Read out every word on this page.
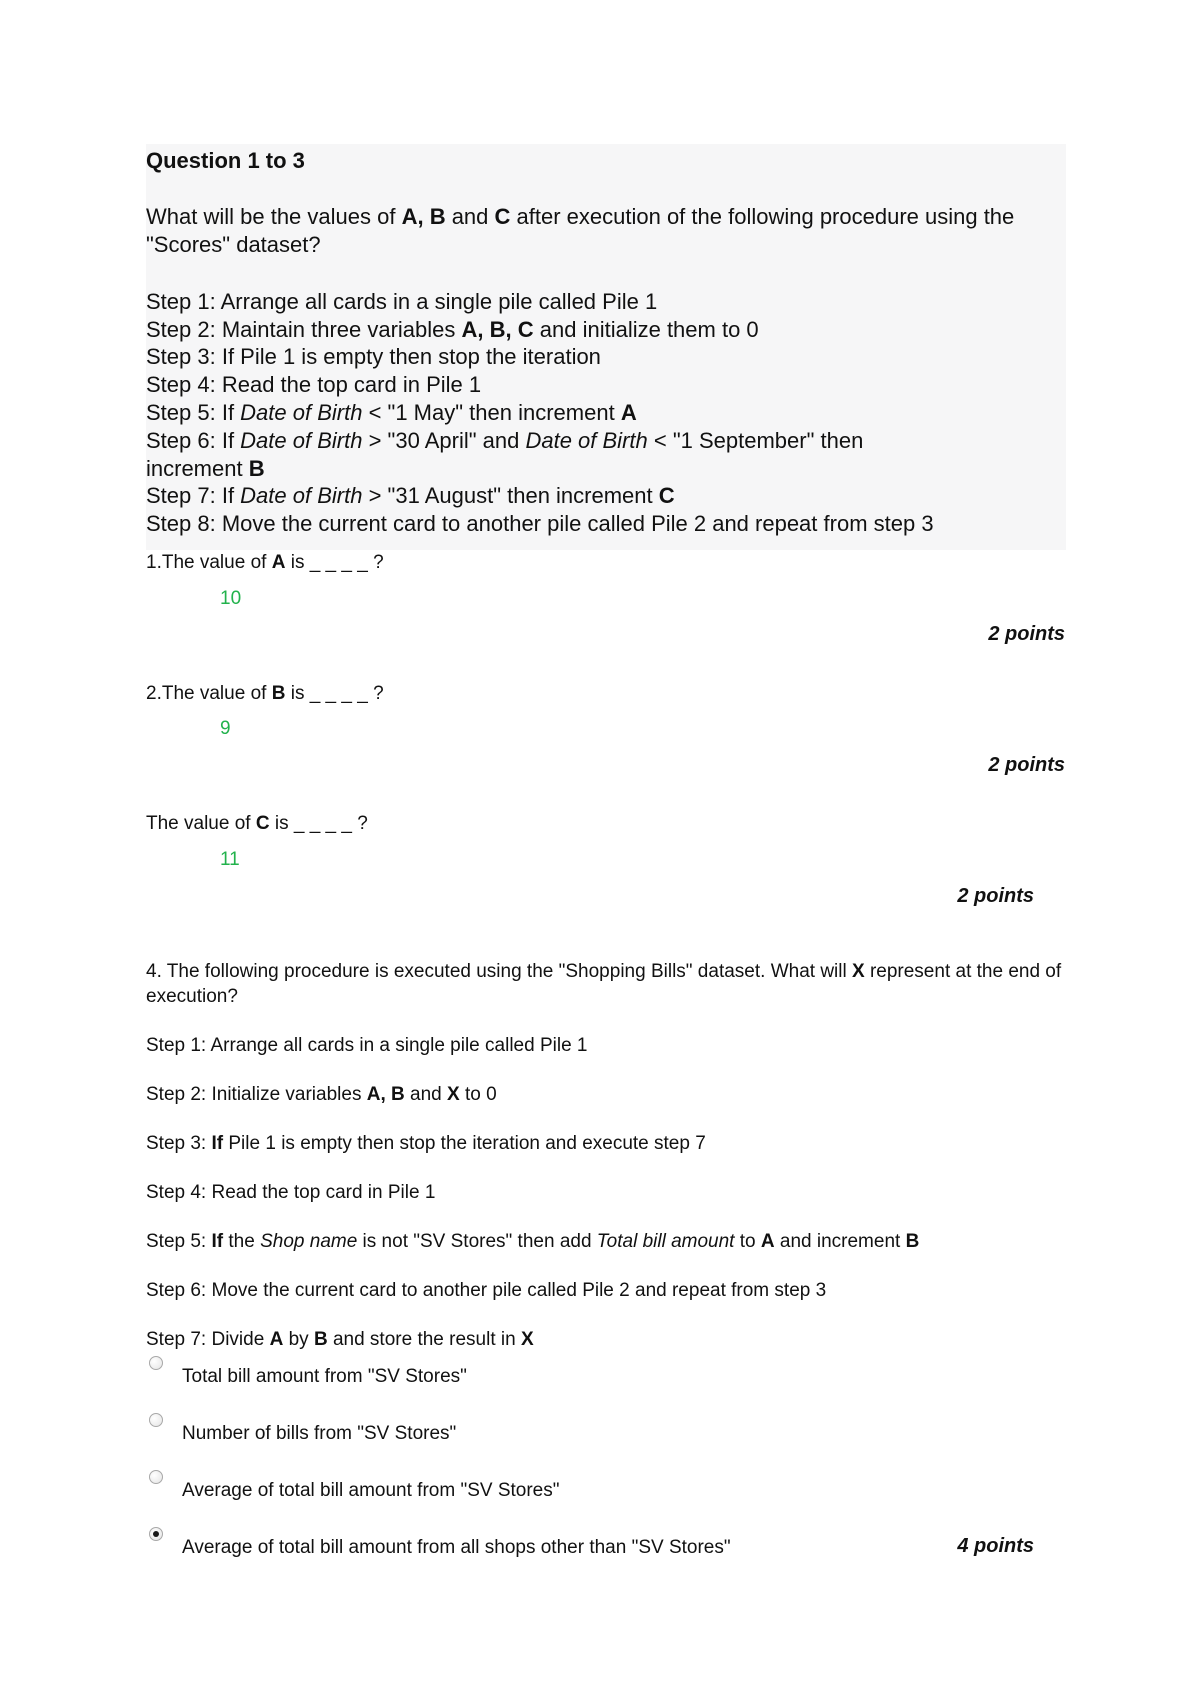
Question 1 to 3
What will be the values of A, B and C after execution of the following procedure using the "Scores" dataset?
Step 1: Arrange all cards in a single pile called Pile 1
Step 2: Maintain three variables A, B, C and initialize them to 0
Step 3: If Pile 1 is empty then stop the iteration
Step 4: Read the top card in Pile 1
Step 5: If Date of Birth < "1 May" then increment A
Step 6: If Date of Birth > "30 April" and Date of Birth < "1 September" then increment B
Step 7: If Date of Birth > "31 August" then increment C
Step 8: Move the current card to another pile called Pile 2 and repeat from step 3
1.The value of A is _ _ _ _ ?
10
2 points
2.The value of B is _ _ _ _ ?
9
2 points
The value of C is _ _ _ _ ?
11
2 points
4. The following procedure is executed using the "Shopping Bills" dataset. What will X represent at the end of execution?
Step 1: Arrange all cards in a single pile called Pile 1
Step 2: Initialize variables A, B and X to 0
Step 3: If Pile 1 is empty then stop the iteration and execute step 7
Step 4: Read the top card in Pile 1
Step 5: If the Shop name is not "SV Stores" then add Total bill amount to A and increment B
Step 6: Move the current card to another pile called Pile 2 and repeat from step 3
Step 7: Divide A by B and store the result in X
Total bill amount from "SV Stores"
Number of bills from "SV Stores"
Average of total bill amount from "SV Stores"
Average of total bill amount from all shops other than "SV Stores"	4 points
